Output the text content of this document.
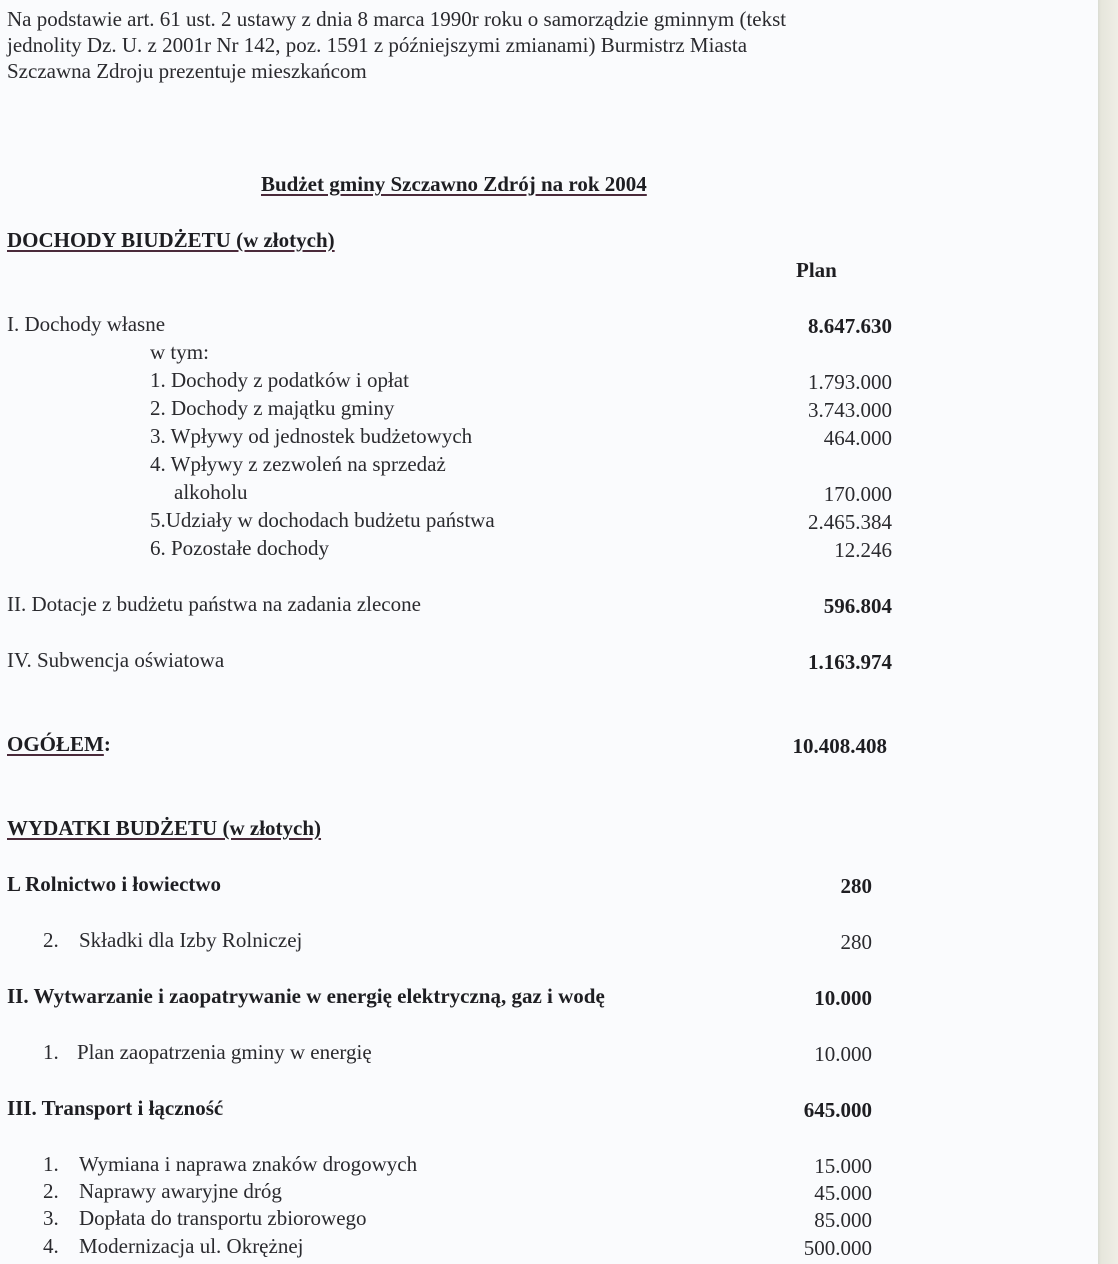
Na podstawie art. 61 ust. 2 ustawy z dnia 8 marca 1990r roku o samorządzie gminnym (tekst
jednolity Dz. U. z 2001r Nr 142, poz. 1591 z późniejszymi zmianami) Burmistrz Miasta
Szczawna Zdroju prezentuje mieszkańcom
Budżet gminy Szczawno Zdrój na rok 2004
DOCHODY BIUDŻETU (w złotych)
Plan
I. Dochody własne	8.647.630
w tym:
1. Dochody z podatków i opłat	1.793.000
2. Dochody z majątku gminy	3.743.000
3. Wpływy od jednostek budżetowych	464.000
4. Wpływy z zezwoleń na sprzedaż
alkoholu	170.000
5.Udziały w dochodach budżetu państwa	2.465.384
6. Pozostałe dochody	12.246
II. Dotacje z budżetu państwa na zadania zlecone	596.804
IV. Subwencja oświatowa	1.163.974
OGÓŁEM:	10.408.408
WYDATKI BUDŻETU (w złotych)
L Rolnictwo i łowiectwo	280
2. Składki dla Izby Rolniczej	280
II. Wytwarzanie i zaopatrywanie w energię elektryczną, gaz i wodę	10.000
1. Plan zaopatrzenia gminy w energię	10.000
III. Transport i łączność	645.000
1. Wymiana i naprawa znaków drogowych	15.000
2. Naprawy awaryjne dróg	45.000
3. Dopłata do transportu zbiorowego	85.000
4. Modernizacja ul. Okrężnej	500.000
